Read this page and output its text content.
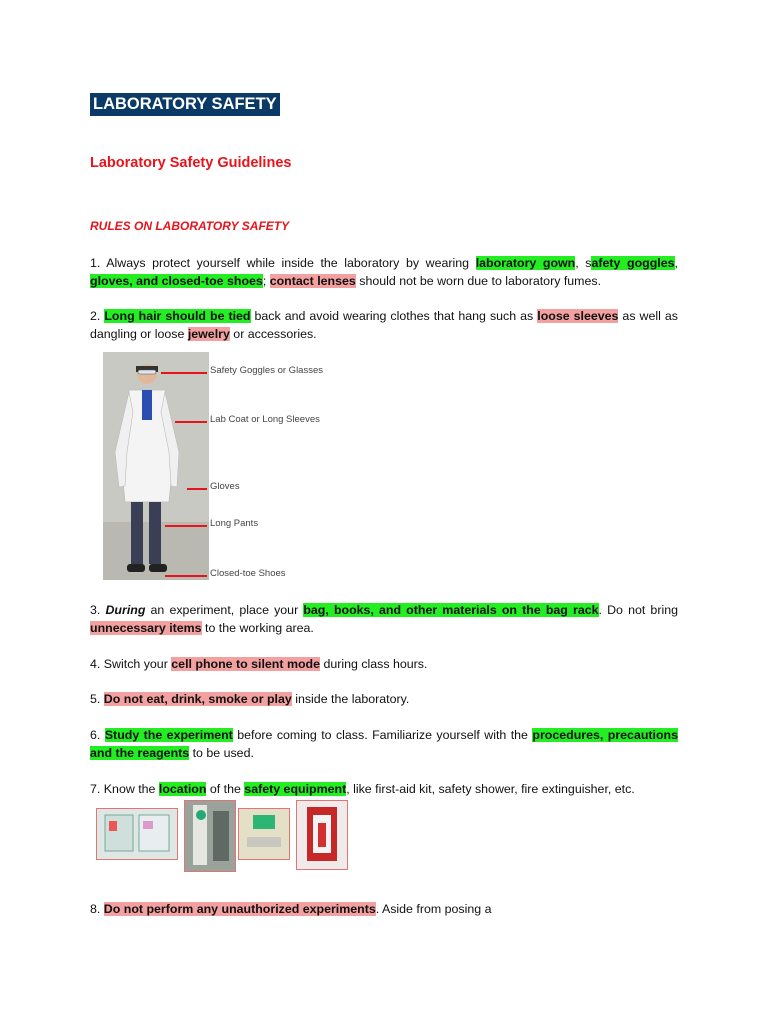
LABORATORY SAFETY
Laboratory Safety Guidelines
RULES ON LABORATORY SAFETY
1. Always protect yourself while inside the laboratory by wearing laboratory gown, safety goggles, gloves, and closed-toe shoes; contact lenses should not be worn due to laboratory fumes.
2. Long hair should be tied back and avoid wearing clothes that hang such as loose sleeves as well as dangling or loose jewelry or accessories.
Safety Goggles or Glasses
Lab Coat or Long Sleeves
Gloves
Long Pants
Closed-toe Shoes
3. During an experiment, place your bag, books, and other materials on the bag rack. Do not bring unnecessary items to the working area.
4. Switch your cell phone to silent mode during class hours.
5. Do not eat, drink, smoke or play inside the laboratory.
6. Study the experiment before coming to class. Familiarize yourself with the procedures, precautions and the reagents to be used.
7. Know the location of the safety equipment, like first-aid kit, safety shower, fire extinguisher, etc.
8. Do not perform any unauthorized experiments. Aside from posing a
